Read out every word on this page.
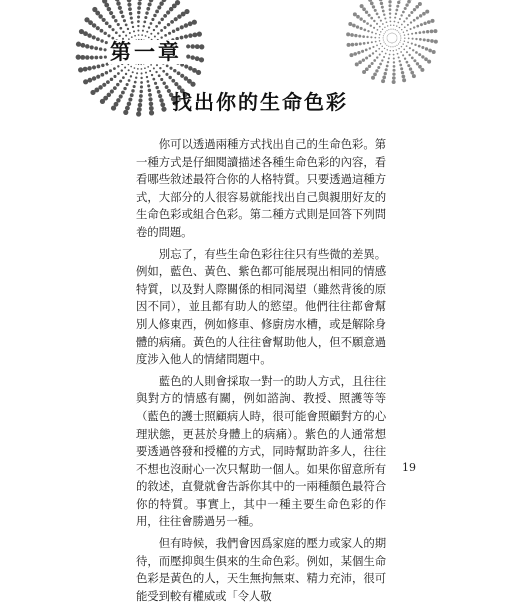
第一章
找出你的生命色彩

你可以透過兩種方式找出自己的生命色彩。第一種方式是仔細閱讀描述各種生命色彩的內容，看看哪些敘述最符合你的人格特質。只要透過這種方式，大部分的人很容易就能找出自己與親朋好友的生命色彩或組合色彩。第二種方式則是回答下列問卷的問題。

別忘了，有些生命色彩往往只有些微的差異。例如，藍色、黃色、紫色都可能展現出相同的情感特質，以及對人際關係的相同渴望（雖然背後的原因不同），並且都有助人的慾望。他們往往都會幫別人修東西，例如修車、修廚房水槽，或是解除身體的病痛。黃色的人往往會幫助他人，但不願意過度涉入他人的情緒問題中。

藍色的人則會採取一對一的助人方式，且往往與對方的情感有關，例如諮詢、教授、照護等等（藍色的護士照顧病人時，很可能會照顧對方的心理狀態，更甚於身體上的病痛）。紫色的人通常想要透過啓發和授權的方式，同時幫助許多人，往往不想也沒耐心一次只幫助一個人。如果你留意所有的敘述，直覺就會告訴你其中的一兩種顏色最符合你的特質。事實上，其中一種主要生命色彩的作用，往往會勝過另一種。

但有時候，我們會因爲家庭的壓力或家人的期待，而壓抑與生俱來的生命色彩。例如，某個生命色彩是黃色的人，天生無拘無束、精力充沛，很可能受到較有權威或「令人敬

19
